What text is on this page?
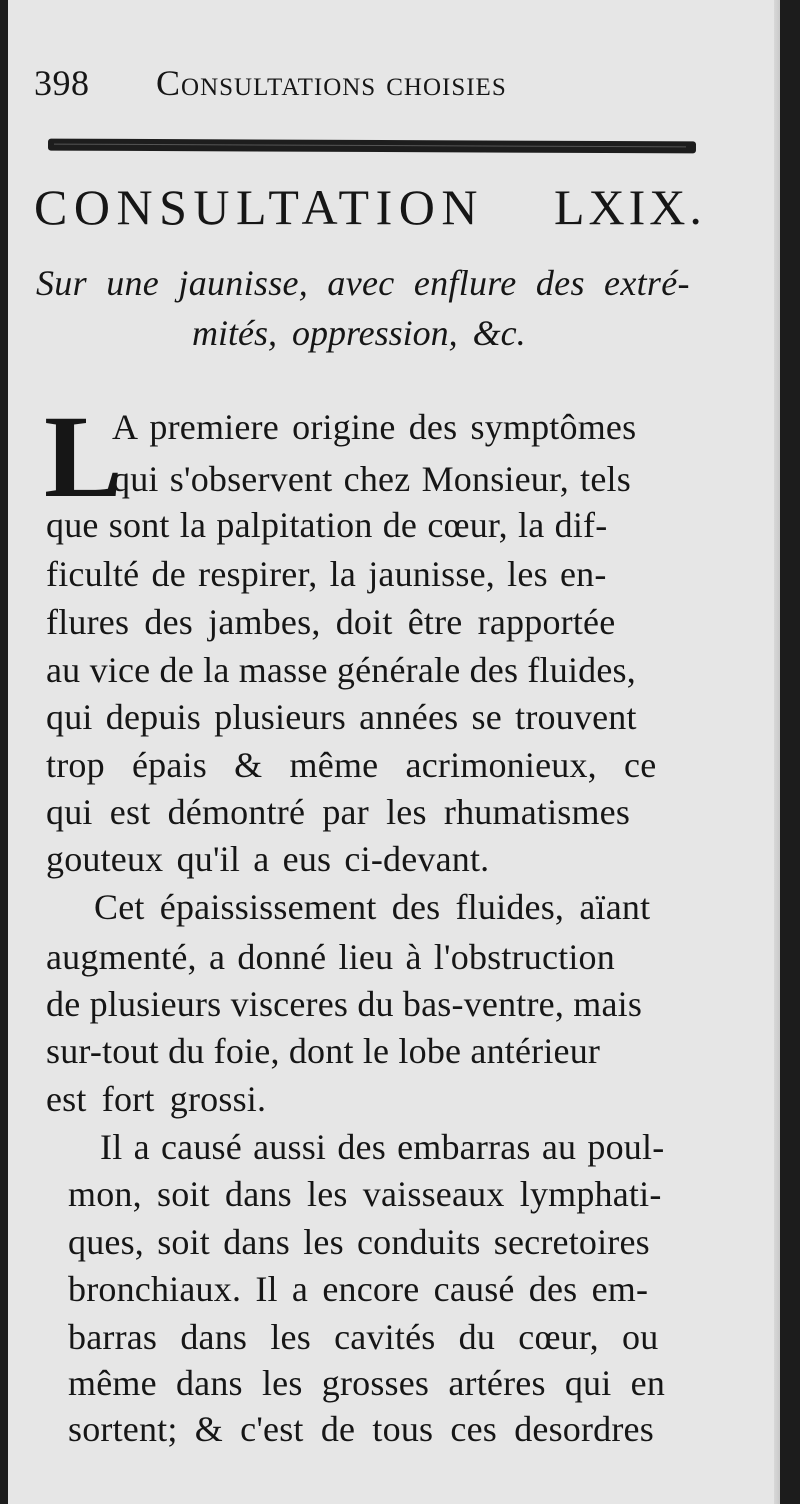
398 Consultations choisies
CONSULTATION	LXIX.
Sur une jaunisse, avec enflure des extré-
mités, oppression, &c.
L
A premiere origine des symptômes
qui s'observent chez Monsieur, tels
que sont la palpitation de cœur, la dif-
ficulté de respirer, la jaunisse, les en-
flures des jambes, doit être rapportée
au vice de la masse générale des fluides,
qui depuis plusieurs années se trouvent
trop épais & même acrimonieux, ce
qui est démontré par les rhumatismes
gouteux qu'il a eus ci-devant.
Cet épaississement des fluides, aïant
augmenté, a donné lieu à l'obstruction
de plusieurs visceres du bas-ventre, mais
sur-tout du foie, dont le lobe antérieur
est fort grossi.
Il a causé aussi des embarras au poul-
mon, soit dans les vaisseaux lymphati-
ques, soit dans les conduits secretoires
bronchiaux. Il a encore causé des em-
barras dans les cavités du cœur, ou
même dans les grosses artéres qui en
sortent; & c'est de tous ces desordres
